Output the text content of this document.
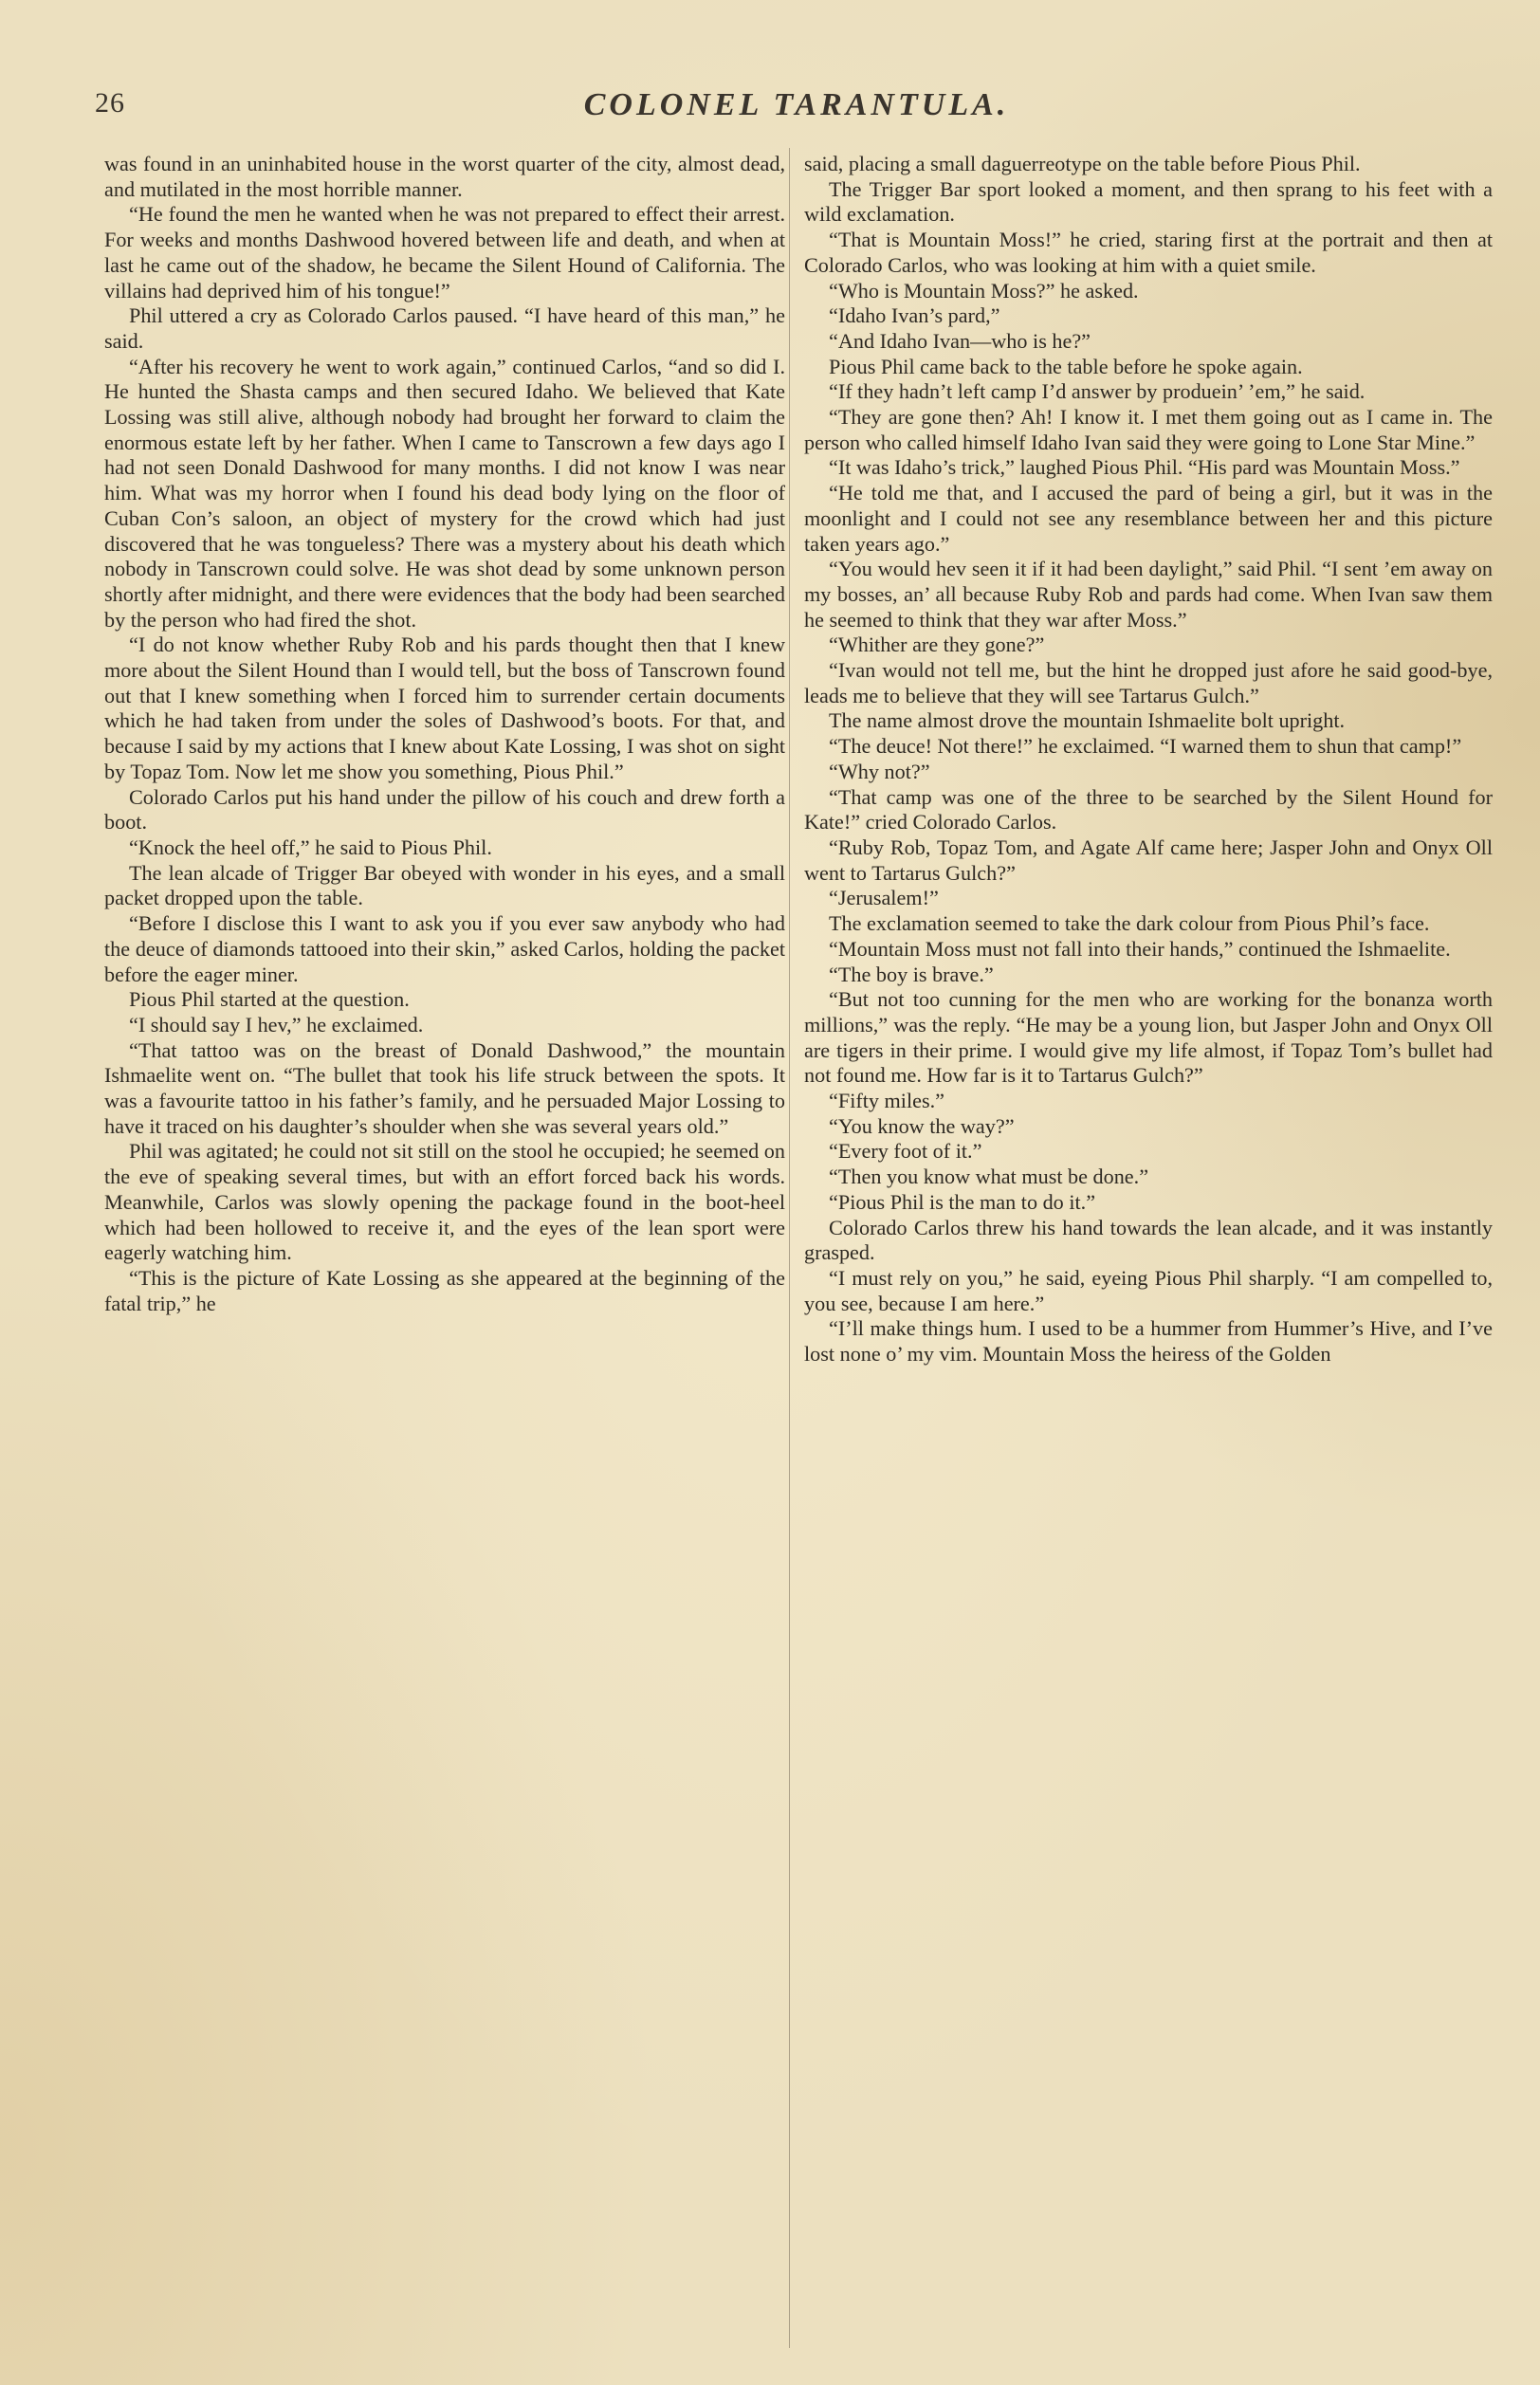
26	COLONEL TARANTULA.

was found in an uninhabited house in the worst quarter of the city, almost dead, and mutilated in the most horrible manner.

“He found the men he wanted when he was not prepared to effect their arrest. For weeks and months Dashwood hovered between life and death, and when at last he came out of the shadow, he became the Silent Hound of California. The villains had deprived him of his tongue!”

Phil uttered a cry as Colorado Carlos paused. “I have heard of this man,” he said.

“After his recovery he went to work again,” continued Carlos, “and so did I. He hunted the Shasta camps and then secured Idaho. We believed that Kate Lossing was still alive, although nobody had brought her forward to claim the enormous estate left by her father. When I came to Tanscrown a few days ago I had not seen Donald Dashwood for many months. I did not know I was near him. What was my horror when I found his dead body lying on the floor of Cuban Con’s saloon, an object of mystery for the crowd which had just discovered that he was tongueless? There was a mystery about his death which nobody in Tanscrown could solve. He was shot dead by some unknown person shortly after midnight, and there were evidences that the body had been searched by the person who had fired the shot.

“I do not know whether Ruby Rob and his pards thought then that I knew more about the Silent Hound than I would tell, but the boss of Tanscrown found out that I knew something when I forced him to surrender certain documents which he had taken from under the soles of Dashwood’s boots. For that, and because I said by my actions that I knew about Kate Lossing, I was shot on sight by Topaz Tom. Now let me show you something, Pious Phil.”

Colorado Carlos put his hand under the pillow of his couch and drew forth a boot.

“Knock the heel off,” he said to Pious Phil.

The lean alcade of Trigger Bar obeyed with wonder in his eyes, and a small packet dropped upon the table.

“Before I disclose this I want to ask you if you ever saw anybody who had the deuce of diamonds tattooed into their skin,” asked Carlos, holding the packet before the eager miner.

Pious Phil started at the question.

“I should say I hev,” he exclaimed.

“That tattoo was on the breast of Donald Dashwood,” the mountain Ishmaelite went on. “The bullet that took his life struck between the spots. It was a favourite tattoo in his father’s family, and he persuaded Major Lossing to have it traced on his daughter’s shoulder when she was several years old.”

Phil was agitated; he could not sit still on the stool he occupied; he seemed on the eve of speaking several times, but with an effort forced back his words. Meanwhile, Carlos was slowly opening the package found in the boot-heel which had been hollowed to receive it, and the eyes of the lean sport were eagerly watching him.

“This is the picture of Kate Lossing as she appeared at the beginning of the fatal trip,” he

said, placing a small daguerreotype on the table before Pious Phil.

The Trigger Bar sport looked a moment, and then sprang to his feet with a wild exclamation.

“That is Mountain Moss!” he cried, staring first at the portrait and then at Colorado Carlos, who was looking at him with a quiet smile.

“Who is Mountain Moss?” he asked.

“Idaho Ivan’s pard,”

“And Idaho Ivan—who is he?”

Pious Phil came back to the table before he spoke again.

“If they hadn’t left camp I’d answer by produein’ ’em,” he said.

“They are gone then? Ah! I know it. I met them going out as I came in. The person who called himself Idaho Ivan said they were going to Lone Star Mine.”

“It was Idaho’s trick,” laughed Pious Phil. “His pard was Mountain Moss.”

“He told me that, and I accused the pard of being a girl, but it was in the moonlight and I could not see any resemblance between her and this picture taken years ago.”

“You would hev seen it if it had been daylight,” said Phil. “I sent ’em away on my bosses, an’ all because Ruby Rob and pards had come. When Ivan saw them he seemed to think that they war after Moss.”

“Whither are they gone?”

“Ivan would not tell me, but the hint he dropped just afore he said good-bye, leads me to believe that they will see Tartarus Gulch.”

The name almost drove the mountain Ishmaelite bolt upright.

“The deuce! Not there!” he exclaimed. “I warned them to shun that camp!”

“Why not?”

“That camp was one of the three to be searched by the Silent Hound for Kate!” cried Colorado Carlos.

“Ruby Rob, Topaz Tom, and Agate Alf came here; Jasper John and Onyx Oll went to Tartarus Gulch?”

“Jerusalem!”

The exclamation seemed to take the dark colour from Pious Phil’s face.

“Mountain Moss must not fall into their hands,” continued the Ishmaelite.

“The boy is brave.”

“But not too cunning for the men who are working for the bonanza worth millions,” was the reply. “He may be a young lion, but Jasper John and Onyx Oll are tigers in their prime. I would give my life almost, if Topaz Tom’s bullet had not found me. How far is it to Tartarus Gulch?”

“Fifty miles.”

“You know the way?”

“Every foot of it.”

“Then you know what must be done.”

“Pious Phil is the man to do it.”

Colorado Carlos threw his hand towards the lean alcade, and it was instantly grasped.

“I must rely on you,” he said, eyeing Pious Phil sharply. “I am compelled to, you see, because I am here.”

“I’ll make things hum. I used to be a hummer from Hummer’s Hive, and I’ve lost none o’ my vim. Mountain Moss the heiress of the Golden
